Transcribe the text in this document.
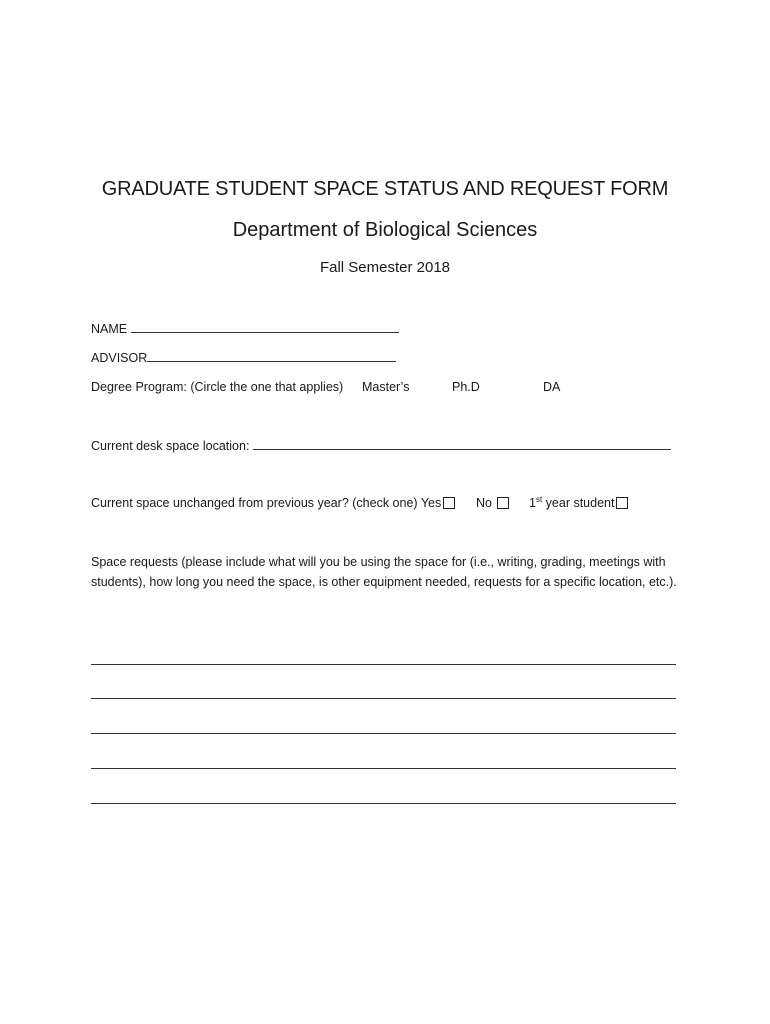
GRADUATE STUDENT SPACE STATUS AND REQUEST FORM
Department of Biological Sciences
Fall Semester 2018
NAME
ADVISOR
Degree Program: (Circle the one that applies) Master’s	Ph.D	DA
Current desk space location:
Current space unchanged from previous year? (check one) Yes	No	1st year student
Space requests (please include what will you be using the space for (i.e., writing, grading, meetings with students), how long you need the space, is other equipment needed, requests for a specific location, etc.).
